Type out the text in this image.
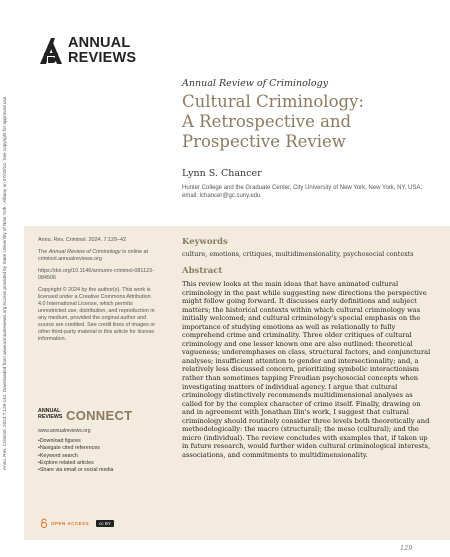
Annu. Rev. Criminol. 2024.7:129-142. Downloaded from www.annualreviews.org Access provided by State University of New York - Albany on 07/20/24. See copyright for approved use.
ANNUAL
REVIEWS
Annual Review of Criminology
Cultural Criminology:
A Retrospective and
Prospective Review
Lynn S. Chancer
Hunter College and the Graduate Center, City University of New York, New York, NY, USA; email: lchancer@gc.cuny.edu

Annu. Rev. Criminol. 2024. 7:129–42

The Annual Review of Criminology is online at criminol.annualreviews.org

https://doi.org/10.1146/annurev-criminol-081123-084506

Copyright © 2024 by the author(s). This work is licensed under a Creative Commons Attribution 4.0 International License, which permits unrestricted use, distribution, and reproduction in any medium, provided the original author and source are credited. See credit lines of images or other third-party material in this article for license information.

Keywords
culture, emotions, critiques, multidimensionality, psychosocial contexts
Abstract

This review looks at the main ideas that have animated cultural criminology in the past while suggesting new directions the perspective might follow going forward. It discusses early definitions and subject matters; the historical contexts within which cultural criminology was initially welcomed; and cultural criminology's special emphasis on the importance of studying emotions as well as relationally to fully comprehend crime and criminality. Three older critiques of cultural criminology and one lesser known one are also outlined: theoretical vagueness; underemphases on class, structural factors, and conjunctural analyses; insufficient attention to gender and intersectionality; and, a relatively less discussed concern, prioritizing symbolic interactionism rather than sometimes tapping Freudian psychosocial concepts when investigating matters of individual agency. I argue that cultural criminology distinctively recommends multidimensional analyses as called for by the complex character of crime itself. Finally, drawing on and in agreement with Jonathan Ilin's work, I suggest that cultural criminology should routinely consider three levels both theoretically and methodologically: the macro (structural); the meso (cultural); and the micro (individual). The review concludes with examples that, if taken up in future research, would further widen cultural criminological interests, associations, and commitments to multidimensionality.

ANNUAL
REVIEWS CONNECT
www.annualreviews.org
• Download figures
• Navigate cited references
• Keyword search
• Explore related articles
• Share via email or social media
OPEN ACCESS	cc BY
129
